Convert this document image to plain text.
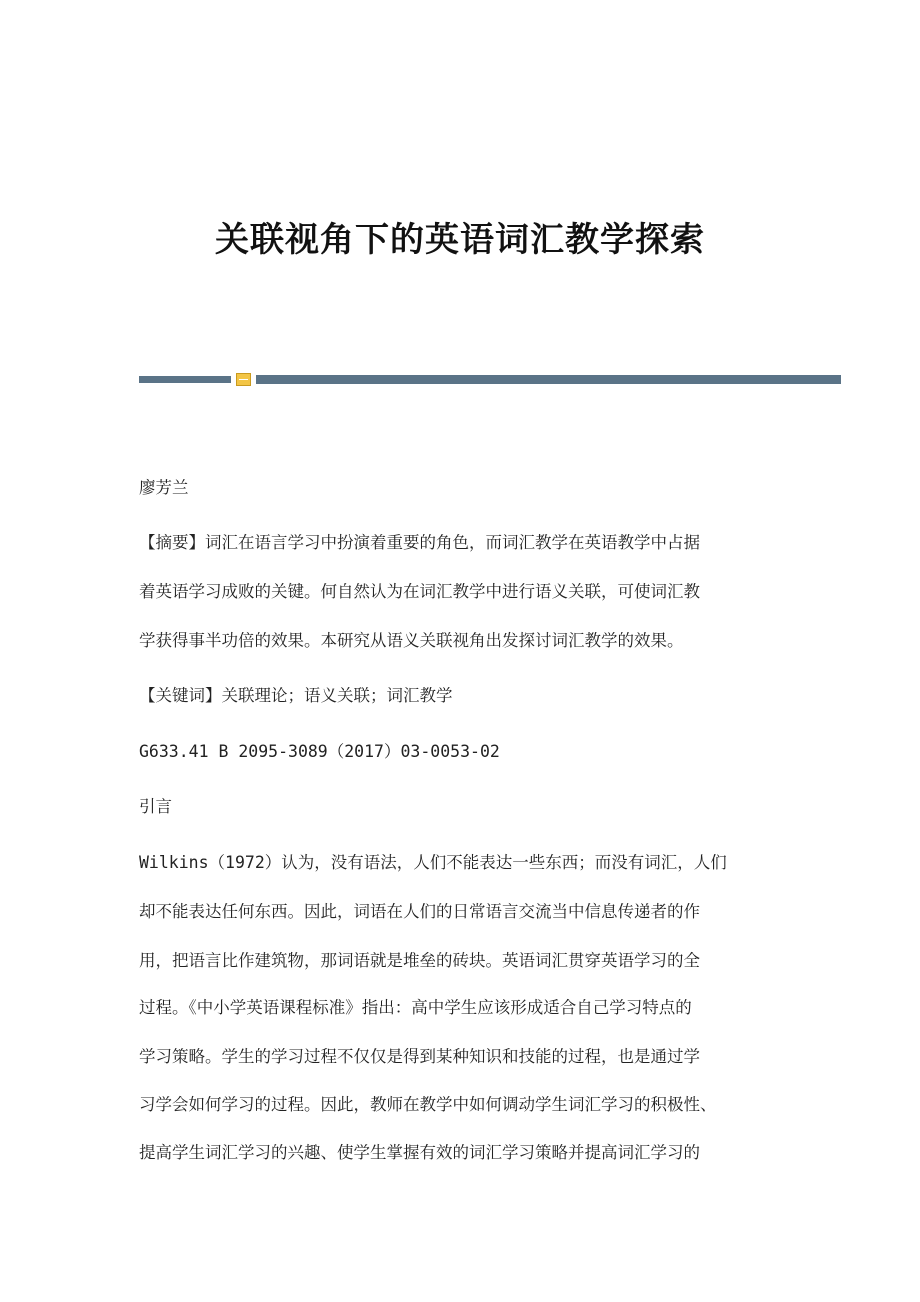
关联视角下的英语词汇教学探索
廖芳兰
【摘要】词汇在语言学习中扮演着重要的角色，而词汇教学在英语教学中占据
着英语学习成败的关键。何自然认为在词汇教学中进行语义关联，可使词汇教
学获得事半功倍的效果。本研究从语义关联视角出发探讨词汇教学的效果。
【关键词】关联理论；语义关联；词汇教学
G633.41 B 2095-3089（2017）03-0053-02
引言
Wilkins（1972）认为，没有语法，人们不能表达一些东西；而没有词汇，人们
却不能表达任何东西。因此，词语在人们的日常语言交流当中信息传递者的作
用，把语言比作建筑物，那词语就是堆垒的砖块。英语词汇贯穿英语学习的全
过程。《中小学英语课程标准》指出：高中学生应该形成适合自己学习特点的
学习策略。学生的学习过程不仅仅是得到某种知识和技能的过程，也是通过学
习学会如何学习的过程。因此，教师在教学中如何调动学生词汇学习的积极性、
提高学生词汇学习的兴趣、使学生掌握有效的词汇学习策略并提高词汇学习的
